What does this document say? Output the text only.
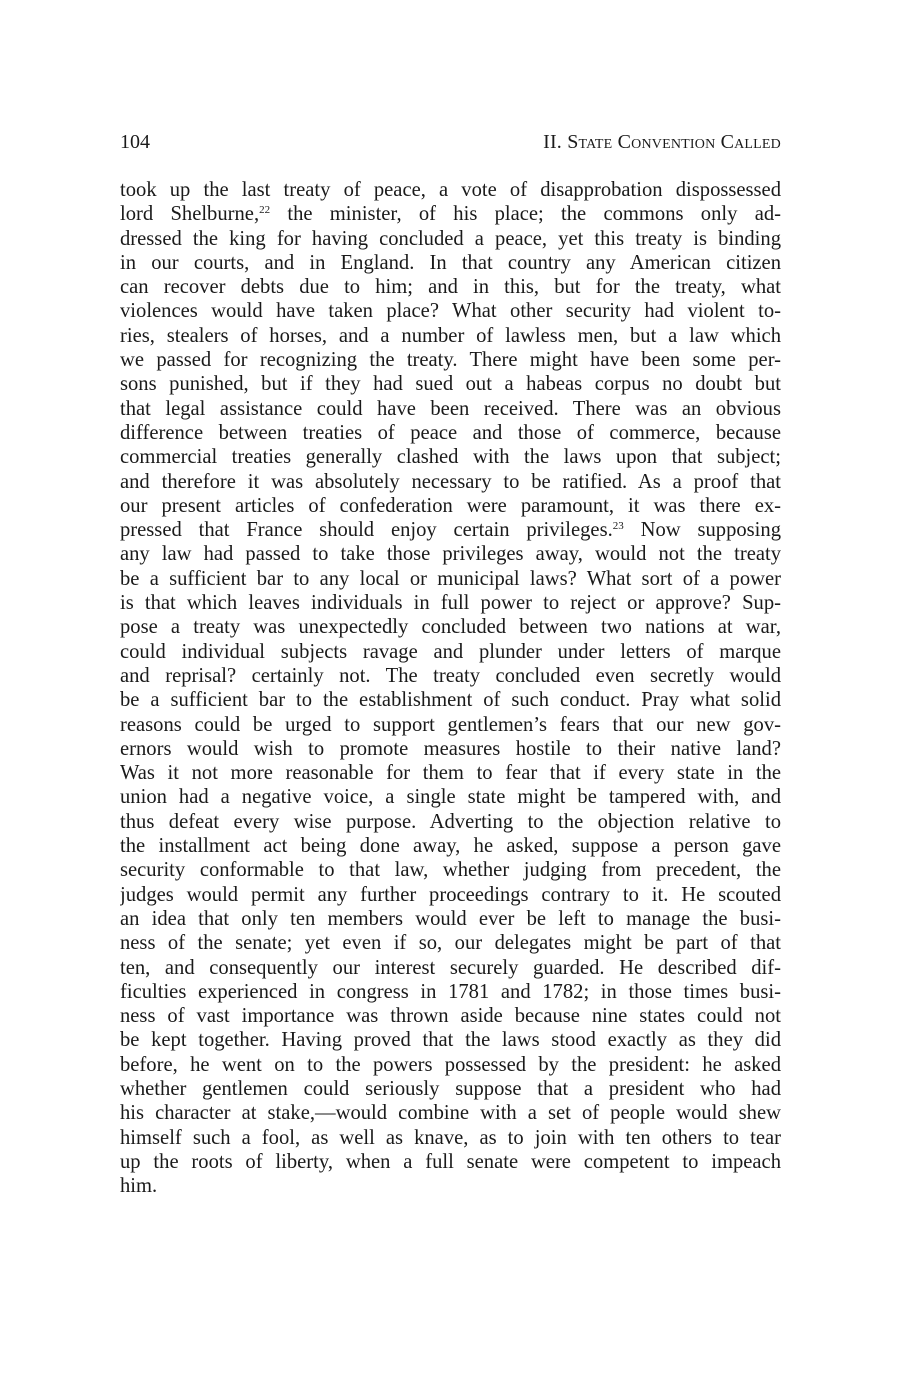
104	II. State Convention Called
took up the last treaty of peace, a vote of disapprobation dispossessed
lord Shelburne,$^{22}$ the minister, of his place; the commons only ad-
dressed the king for having concluded a peace, yet this treaty is binding
in our courts, and in England. In that country any American citizen
can recover debts due to him; and in this, but for the treaty, what
violences would have taken place? What other security had violent to-
ries, stealers of horses, and a number of lawless men, but a law which
we passed for recognizing the treaty. There might have been some per-
sons punished, but if they had sued out a habeas corpus no doubt but
that legal assistance could have been received. There was an obvious
difference between treaties of peace and those of commerce, because
commercial treaties generally clashed with the laws upon that subject;
and therefore it was absolutely necessary to be ratified. As a proof that
our present articles of confederation were paramount, it was there ex-
pressed that France should enjoy certain privileges.$^{23}$ Now supposing
any law had passed to take those privileges away, would not the treaty
be a sufficient bar to any local or municipal laws? What sort of a power
is that which leaves individuals in full power to reject or approve? Sup-
pose a treaty was unexpectedly concluded between two nations at war,
could individual subjects ravage and plunder under letters of marque
and reprisal? certainly not. The treaty concluded even secretly would
be a sufficient bar to the establishment of such conduct. Pray what solid
reasons could be urged to support gentlemen’s fears that our new gov-
ernors would wish to promote measures hostile to their native land?
Was it not more reasonable for them to fear that if every state in the
union had a negative voice, a single state might be tampered with, and
thus defeat every wise purpose. Adverting to the objection relative to
the installment act being done away, he asked, suppose a person gave
security conformable to that law, whether judging from precedent, the
judges would permit any further proceedings contrary to it. He scouted
an idea that only ten members would ever be left to manage the busi-
ness of the senate; yet even if so, our delegates might be part of that
ten, and consequently our interest securely guarded. He described dif-
ficulties experienced in congress in 1781 and 1782; in those times busi-
ness of vast importance was thrown aside because nine states could not
be kept together. Having proved that the laws stood exactly as they did
before, he went on to the powers possessed by the president: he asked
whether gentlemen could seriously suppose that a president who had
his character at stake,—would combine with a set of people would shew
himself such a fool, as well as knave, as to join with ten others to tear
up the roots of liberty, when a full senate were competent to impeach
him.
